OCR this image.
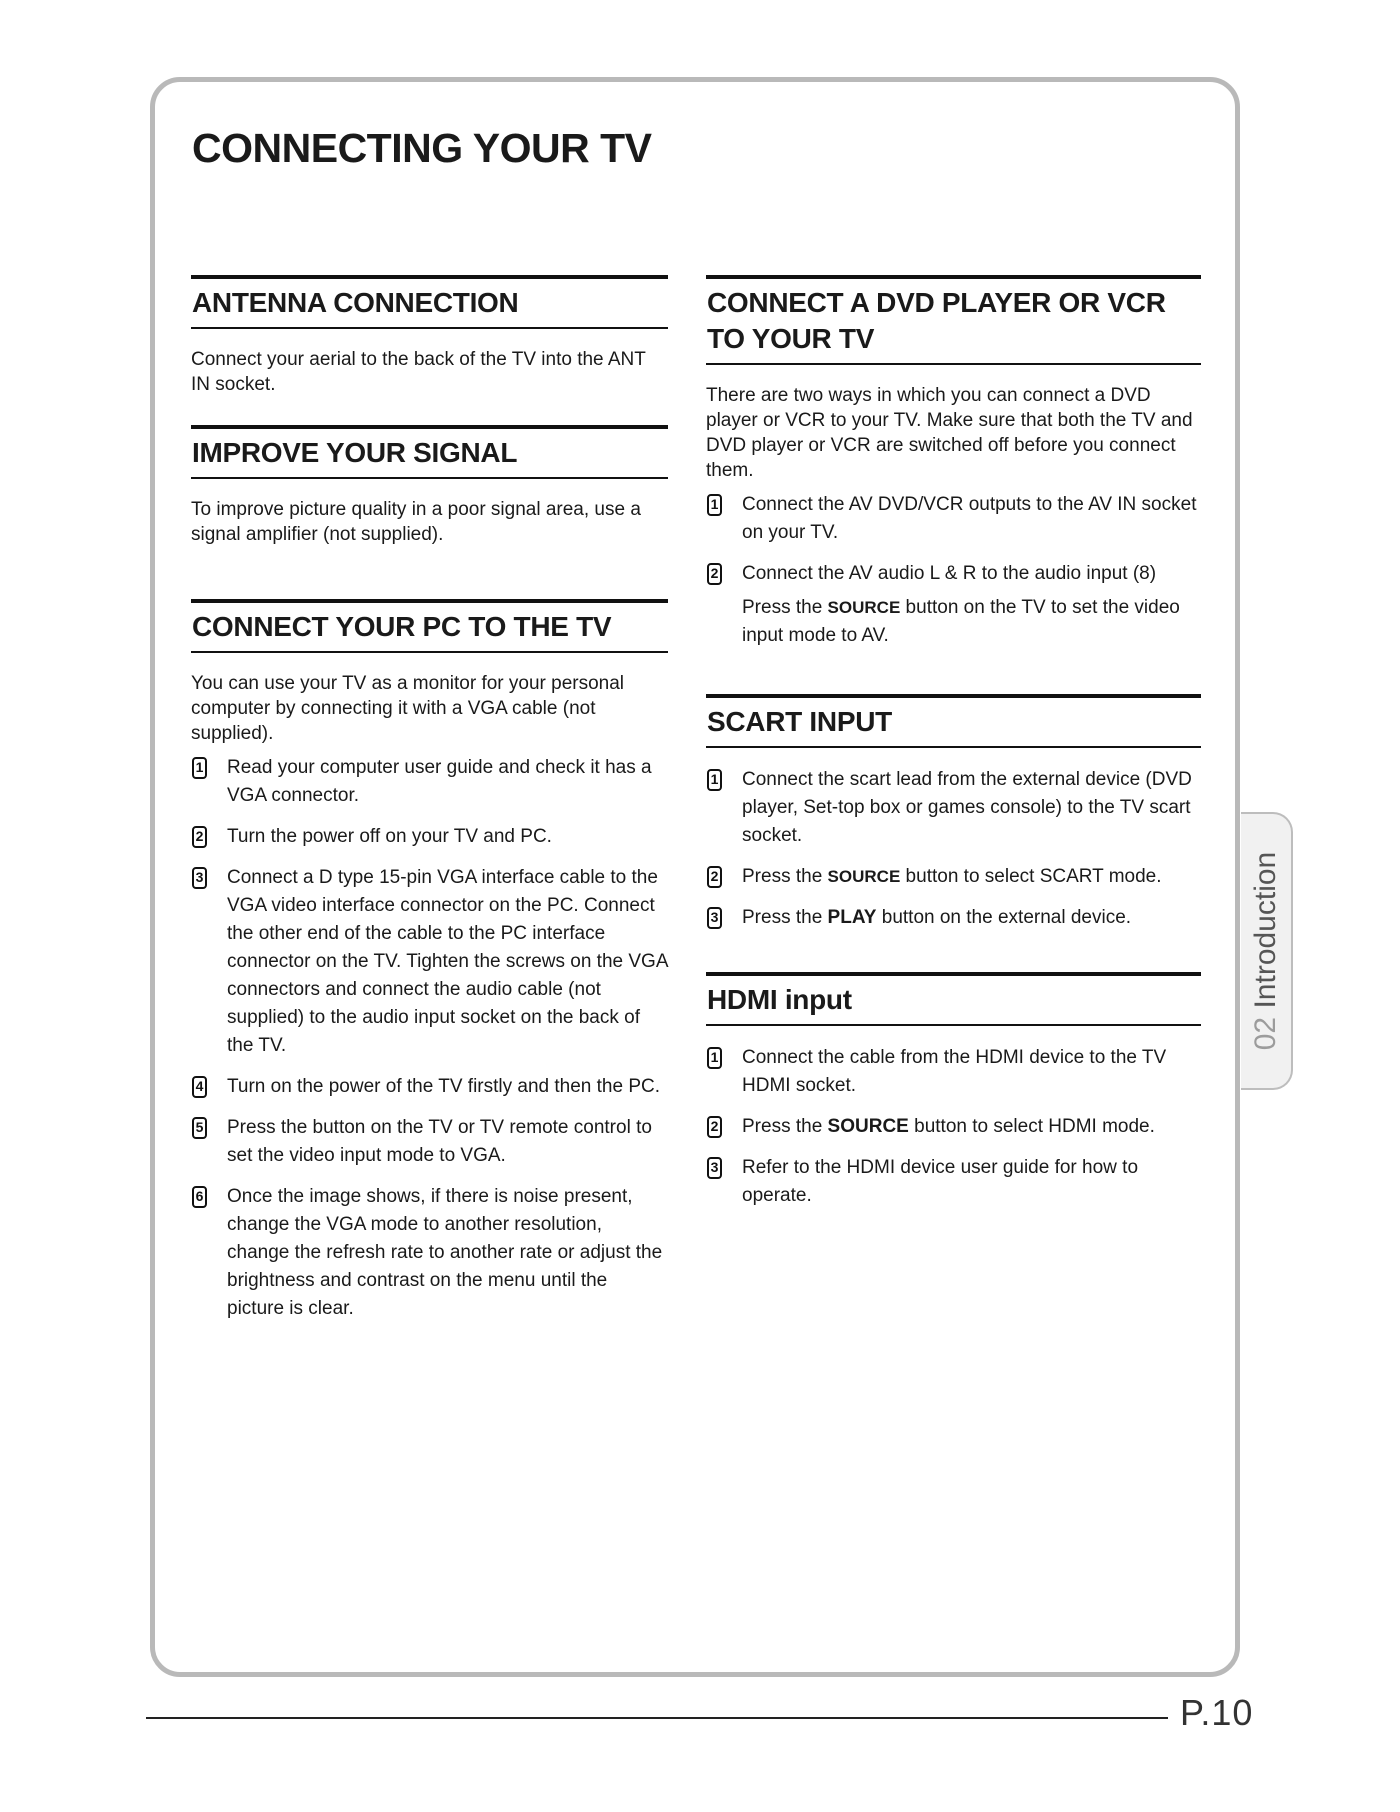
CONNECTING YOUR TV
ANTENNA CONNECTION

Connect your aerial to the back of the TV into the ANT IN socket.

IMPROVE YOUR SIGNAL

To improve picture quality in a poor signal area, use a signal amplifier (not supplied).

CONNECT YOUR PC TO THE TV

You can use your TV as a monitor for your personal computer by connecting it with a VGA cable (not supplied).

1 Read your computer user guide and check it has a VGA connector.
2 Turn the power off on your TV and PC.
3 Connect a D type 15-pin VGA interface cable to the VGA video interface connector on the PC. Connect the other end of the cable to the PC interface connector on the TV. Tighten the screws on the VGA connectors and connect the audio cable (not supplied) to the audio input socket on the back of the TV.
4 Turn on the power of the TV firstly and then the PC.
5 Press the button on the TV or TV remote control to set the video input mode to VGA.
6 Once the image shows, if there is noise present, change the VGA mode to another resolution, change the refresh rate to another rate or adjust the brightness and contrast on the menu until the picture is clear.
CONNECT A DVD PLAYER OR VCR TO YOUR TV

There are two ways in which you can connect a DVD player or VCR to your TV. Make sure that both the TV and DVD player or VCR are switched off before you connect them.

1 Connect the AV DVD/VCR outputs to the AV IN socket on your TV.
2 Connect the AV audio L & R to the audio input (8)
Press the SOURCE button on the TV to set the video input mode to AV.
SCART INPUT
1 Connect the scart lead from the external device (DVD player, Set-top box or games console) to the TV scart socket.
2 Press the SOURCE button to select SCART mode.
3 Press the PLAY button on the external device.
HDMI input
1 Connect the cable from the HDMI device to the TV HDMI socket.
2 Press the SOURCE button to select HDMI mode.
3 Refer to the HDMI device user guide for how to operate.
02 Introduction
P.10
